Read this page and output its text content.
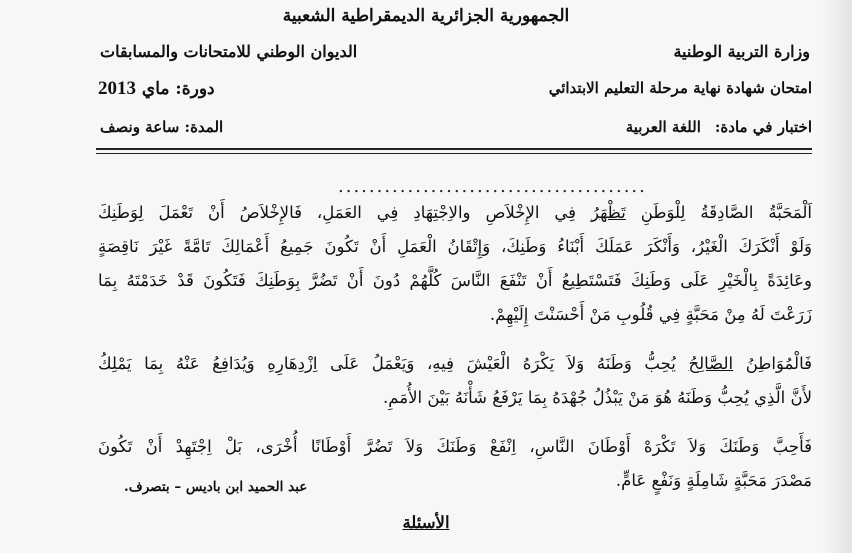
الجمهورية الجزائرية الديمقراطية الشعبية
وزارة التربية الوطنية
الديوان الوطني للامتحانات والمسابقات
امتحان شهادة نهاية مرحلة التعليم الابتدائي
دورة: ماي 2013
اختبار في مادة:اللغة العربية
المدة: ساعة ونصف
........................................
اَلْمَحَبَّةُ الصَّادِقَةُ لِلْوَطَنِ تَظْهَرُ فِي الإِخْلاَصِ والاِجْتِهَادِ فِي العَمَلِ، فَالإِخْلاَصُ أَنْ تَعْمَلَ لِوَطَنِكَ
وَلَوْ أَنْكَرَكَ الْغَيْرُ، وَأَنْكَرَ عَمَلَكَ أَبْنَاءُ وَطَنِكَ، وَإِتْقَانُ الْعَمَلِ أَنْ تَكُونَ جَمِيعُ أَعْمَالِكَ تَامَّةً غَيْرَ نَاقِصَةٍ
وعَائِدَةً بِالْخَيْرِ عَلَى وَطَنِكَ فَتَسْتَطِيعُ أَنْ تَنْفَعَ النَّاسَ كُلَّهُمْ دُونَ أَنْ تَضُرَّ بِوَطَنِكَ فَتَكُونَ قَدْ خَدَمْتَهُ بِمَا
زَرَعْتَ لَهُ مِنْ مَحَبَّةٍ فِي قُلُوبِ مَنْ أَحْسَنْتَ إِلَيْهِمْ.
فَالْمُوَاطِنُ الصَّالِحُ يُحِبُّ وَطَنَهُ وَلاَ يَكْرَهُ الْعَيْشَ فِيهِ، وَيَعْمَلُ عَلَى اِزْدِهَارِهِ وَيُدَافِعُ عَنْهُ بِمَا يَمْلِكُ
لأَنَّ الَّذِي يُحِبُّ وَطَنَهُ هُوَ مَنْ يَبْذُلُ جُهْدَهُ بِمَا يَرْفَعُ شَأْنَهُ بَيْنَ الأُمَمِ.
فَأَحِبَّ وَطَنَكَ وَلاَ تَكْرَهْ أَوْطَانَ النَّاسِ، اِنْفَعْ وَطَنَكَ وَلاَ تَضُرَّ أَوْطَانًا أُخْرَى، بَلْ اِجْتَهِدْ أَنْ تَكُونَ
مَصْدَرَ مَحَبَّةٍ شَامِلَةٍ وَنَفْعٍ عَامٍّ.
عبد الحميد ابن باديس – بتصرف.
الأسئلة
